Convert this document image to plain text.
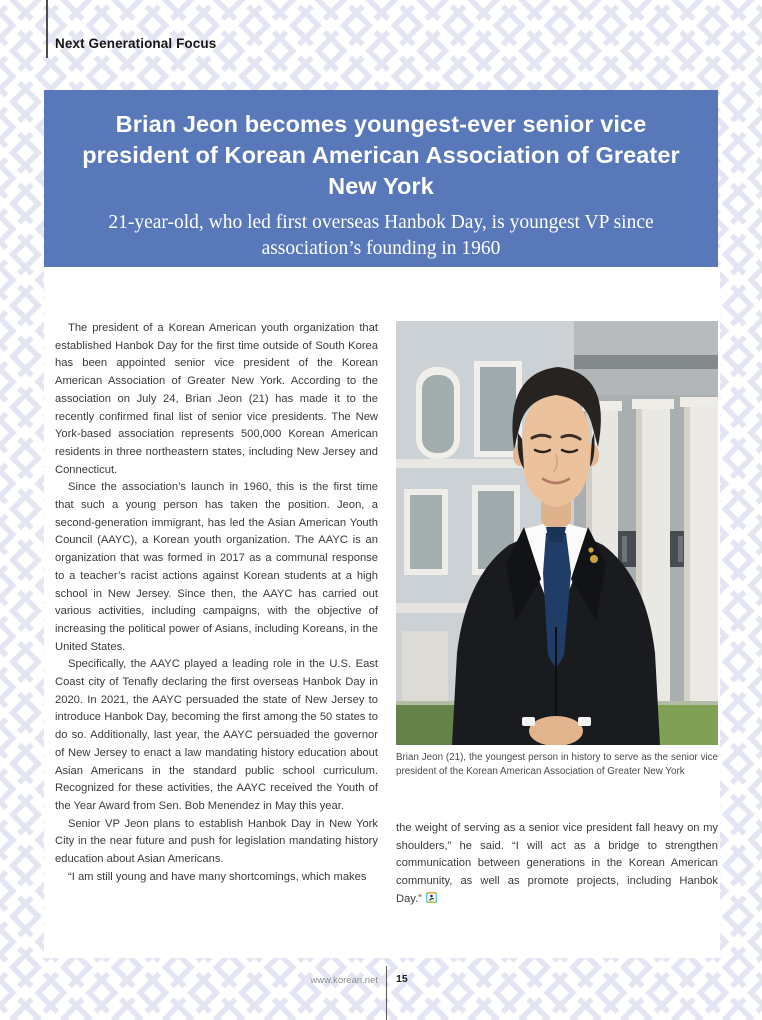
Next Generational Focus
Brian Jeon becomes youngest-ever senior vice president of Korean American Association of Greater New York
21-year-old, who led first overseas Hanbok Day, is youngest VP since association’s founding in 1960

The president of a Korean American youth organization that established Hanbok Day for the first time outside of South Korea has been appointed senior vice president of the Korean American Association of Greater New York. According to the association on July 24, Brian Jeon (21) has made it to the recently confirmed final list of senior vice presidents. The New York-based association represents 500,000 Korean American residents in three northeastern states, including New Jersey and Connecticut.

Since the association’s launch in 1960, this is the first time that such a young person has taken the position. Jeon, a second-generation immigrant, has led the Asian American Youth Council (AAYC), a Korean youth organization. The AAYC is an organization that was formed in 2017 as a communal response to a teacher’s racist actions against Korean students at a high school in New Jersey. Since then, the AAYC has carried out various activities, including campaigns, with the objective of increasing the political power of Asians, including Koreans, in the United States.

Specifically, the AAYC played a leading role in the U.S. East Coast city of Tenafly declaring the first overseas Hanbok Day in 2020. In 2021, the AAYC persuaded the state of New Jersey to introduce Hanbok Day, becoming the first among the 50 states to do so. Additionally, last year, the AAYC persuaded the governor of New Jersey to enact a law mandating history education about Asian Americans in the standard public school curriculum. Recognized for these activities, the AAYC received the Youth of the Year Award from Sen. Bob Menendez in May this year.

Senior VP Jeon plans to establish Hanbok Day in New York City in the near future and push for legislation mandating history education about Asian Americans.

“I am still young and have many shortcomings, which makes

Brian Jeon (21), the youngest person in history to serve as the senior vice president of the Korean American Association of Greater New York

the weight of serving as a senior vice president fall heavy on my shoulders,” he said. “I will act as a bridge to strengthen communication between generations in the Korean American community, as well as promote projects, including Hanbok Day.”

www.korean.net 15
